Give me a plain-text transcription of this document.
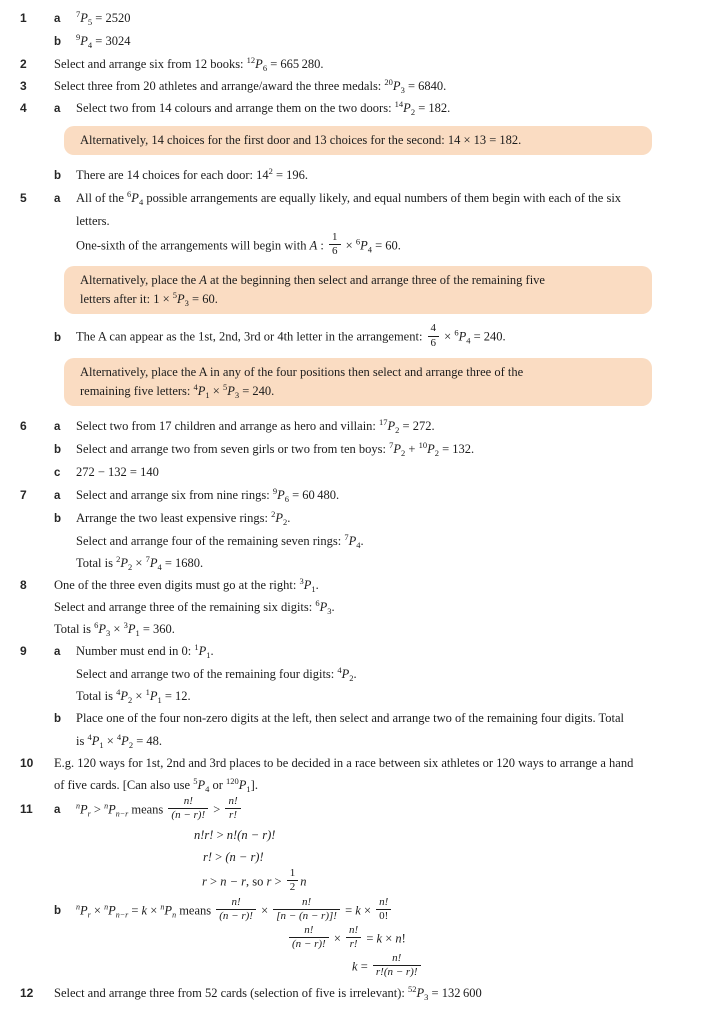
1	a	$^7P_5 = 2520$
b	$^9P_4 = 3024$
2	Select and arrange six from 12 books: $^{12}P_6 = 665$ 280.
3	Select three from 20 athletes and arrange/award the three medals: $^{20}P_3 = 6840$.
4	a	Select two from 14 colours and arrange them on the two doors: $^{14}P_2 = 182$.
Alternatively, 14 choices for the first door and 13 choices for the second: 14 × 13 = 182.
b	There are 14 choices for each door: $14^2 = 196$.
5	a	All of the $^6P_4$ possible arrangements are equally likely, and equal numbers of them begin with each of the six
letters.
One-sixth of the arrangements will begin with A : $\frac{1}{6} \times ^6P_4 = 60$.
Alternatively, place the A at the beginning then select and arrange three of the remaining five
letters after it: $1 \times ^5P_3 = 60$.
b	The A can appear as the 1st, 2nd, 3rd or 4th letter in the arrangement: $\frac{4}{6} \times ^6P_4 = 240$.
Alternatively, place the A in any of the four positions then select and arrange three of the
remaining five letters: $^4P_1 \times ^5P_3 = 240$.
6	a	Select two from 17 children and arrange as hero and villain: $^{17}P_2 = 272$.
b	Select and arrange two from seven girls or two from ten boys: $^7P_2 + ^{10}P_2 = 132$.
c	272 − 132 = 140
7	a	Select and arrange six from nine rings: $^9P_6 = 60$ 480.
b	Arrange the two least expensive rings: $^2P_2$.
Select and arrange four of the remaining seven rings: $^7P_4$.
Total is $^2P_2 \times ^7P_4 = 1680$.
8	One of the three even digits must go at the right: $^3P_1$.
Select and arrange three of the remaining six digits: $^6P_3$.
Total is $^6P_3 \times ^3P_1 = 360$.
9	a	Number must end in 0: $^1P_1$.
Select and arrange two of the remaining four digits: $^4P_2$.
Total is $^4P_2 \times ^1P_1 = 12$.
b	Place one of the four non-zero digits at the left, then select and arrange two of the remaining four digits. Total
is $^4P_1 \times ^4P_2 = 48$.
10	E.g. 120 ways for 1st, 2nd and 3rd places to be decided in a race between six athletes or 120 ways to arrange a hand
of five cards. [Can also use $^5P_4$ or $^{120}P_1$].
11	a	$^nP_r > ^nP_{n-r}$ means $\frac{n!}{(n - r)!} > \frac{n!}{r!}$
n!r! > n!(n − r)!
r! > (n − r)!
r > n − r, so $r > \frac{1}{2}$ n
b	$^nP_r \times ^nP_{n-r} = k \times ^nP_n$ means $\frac{n!}{(n - r)!} \times \frac{n!}{[n - (n - r)]!} = k \times \frac{n!}{0!}$
$\frac{n!}{(n - r)!} \times \frac{n!}{r!} = k \times n$!
$k = \frac{n!}{r!(n - r)!}$
12	Select and arrange three from 52 cards (selection of five is irrelevant): $^{52}P_3 = 132$ 600
